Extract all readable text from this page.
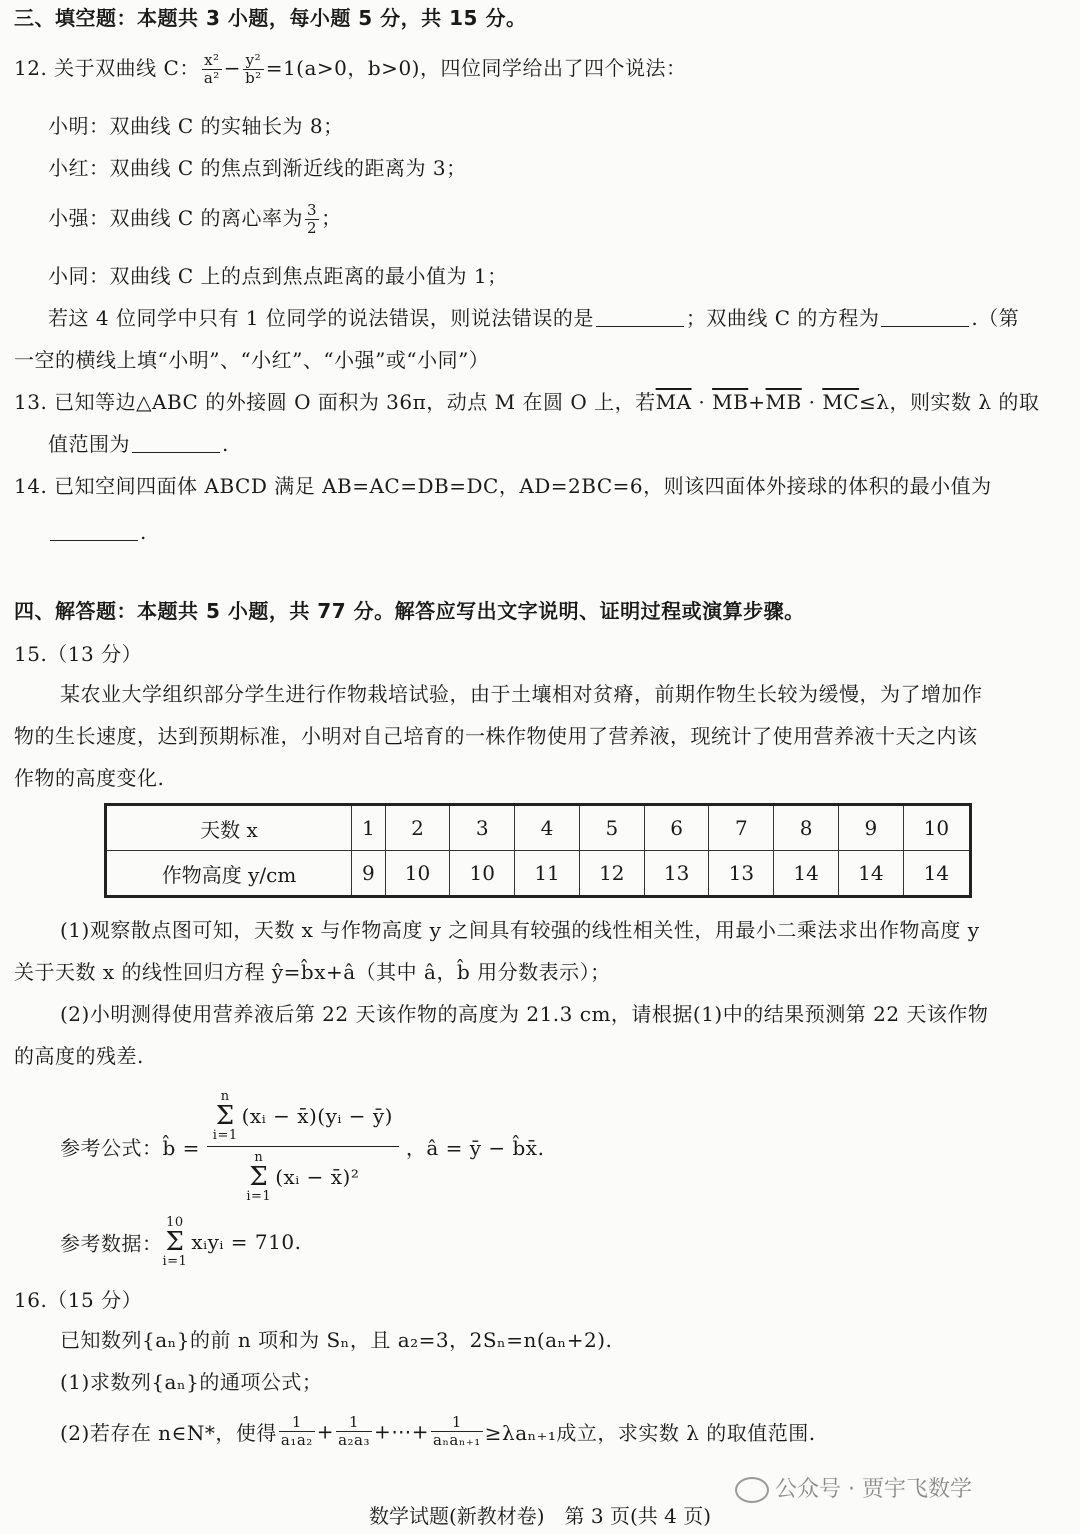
三、填空题：本题共 3 小题，每小题 5 分，共 15 分。
12. 关于双曲线 C： $\frac{\text{x²}}{\text{a²}} - \frac{\text{y²}}{\text{b²}} =1(a>0$，b>0)，四位同学给出了四个说法：
小明：双曲线 C 的实轴长为 8；
小红：双曲线 C 的焦点到渐近线的距离为 3；
小强：双曲线 C 的离心率为 $\frac{3}{2}$ ；
小同：双曲线 C 上的点到焦点距离的最小值为 1；
若这 4 位同学中只有 1 位同学的说法错误，则说法错误的是	；双曲线 C 的方程为	.（第
一空的横线上填“小明”、“小红”、“小强”或“小同”）
13. 已知等边△ABC 的外接圆 O 面积为 36π，动点 M 在圆 O 上，若$\overline{MA} \cdot \overline{MB}+\overline{MB} \cdot \overline{MC}\le\lambda$，则实数 λ 的取
值范围为	.
14. 已知空间四面体 ABCD 满足 AB=AC=DB=DC，AD=2BC=6，则该四面体外接球的体积的最小值为
.
四、解答题：本题共 5 小题，共 77 分。解答应写出文字说明、证明过程或演算步骤。
15.（13 分）
某农业大学组织部分学生进行作物栽培试验，由于土壤相对贫瘠，前期作物生长较为缓慢，为了增加作
物的生长速度，达到预期标准，小明对自己培育的一株作物使用了营养液，现统计了使用营养液十天之内该
作物的高度变化.
天数 x	1	2	3	4	5	6	7	8	9	10
作物高度 y/cm	9	10	10	11	12	13	13	14	14	14
(1)观察散点图可知，天数 x 与作物高度 y 之间具有较强的线性相关性，用最小二乘法求出作物高度 y
关于天数 x 的线性回归方程 ŷ=b̂x+â（其中 â，b̂ 用分数表示）；
(2)小明测得使用营养液后第 22 天该作物的高度为 21.3 cm，请根据(1)中的结果预测第 22 天该作物
的高度的残差.
参考公式：b̂ =
n
Σ
i=1(xᵢ − x̄)(yᵢ − ȳ)
n
Σ
i=1(xᵢ − x̄)²
，â = ȳ − b̂x̄.
参考数据：10
Σ
i=1xᵢyᵢ = 710.
16.（15 分）
已知数列{aₙ}的前 n 项和为 Sₙ，且 a₂=3，2Sₙ=n(aₙ+2).
(1)求数列{aₙ}的通项公式；
(2)若存在 n∈N*，使得 $\frac{1}{\text{a₁a₂}} + \frac{1}{\text{a₂a₃}}$ +⋯+ $\frac{1}{\text{aₙaₙ₊₁}} \ge\lambda a_{n+1}$成立，求实数 λ 的取值范围.
公众号 · 贾宇飞数学
数学试题(新教材卷)　第 3 页(共 4 页)
